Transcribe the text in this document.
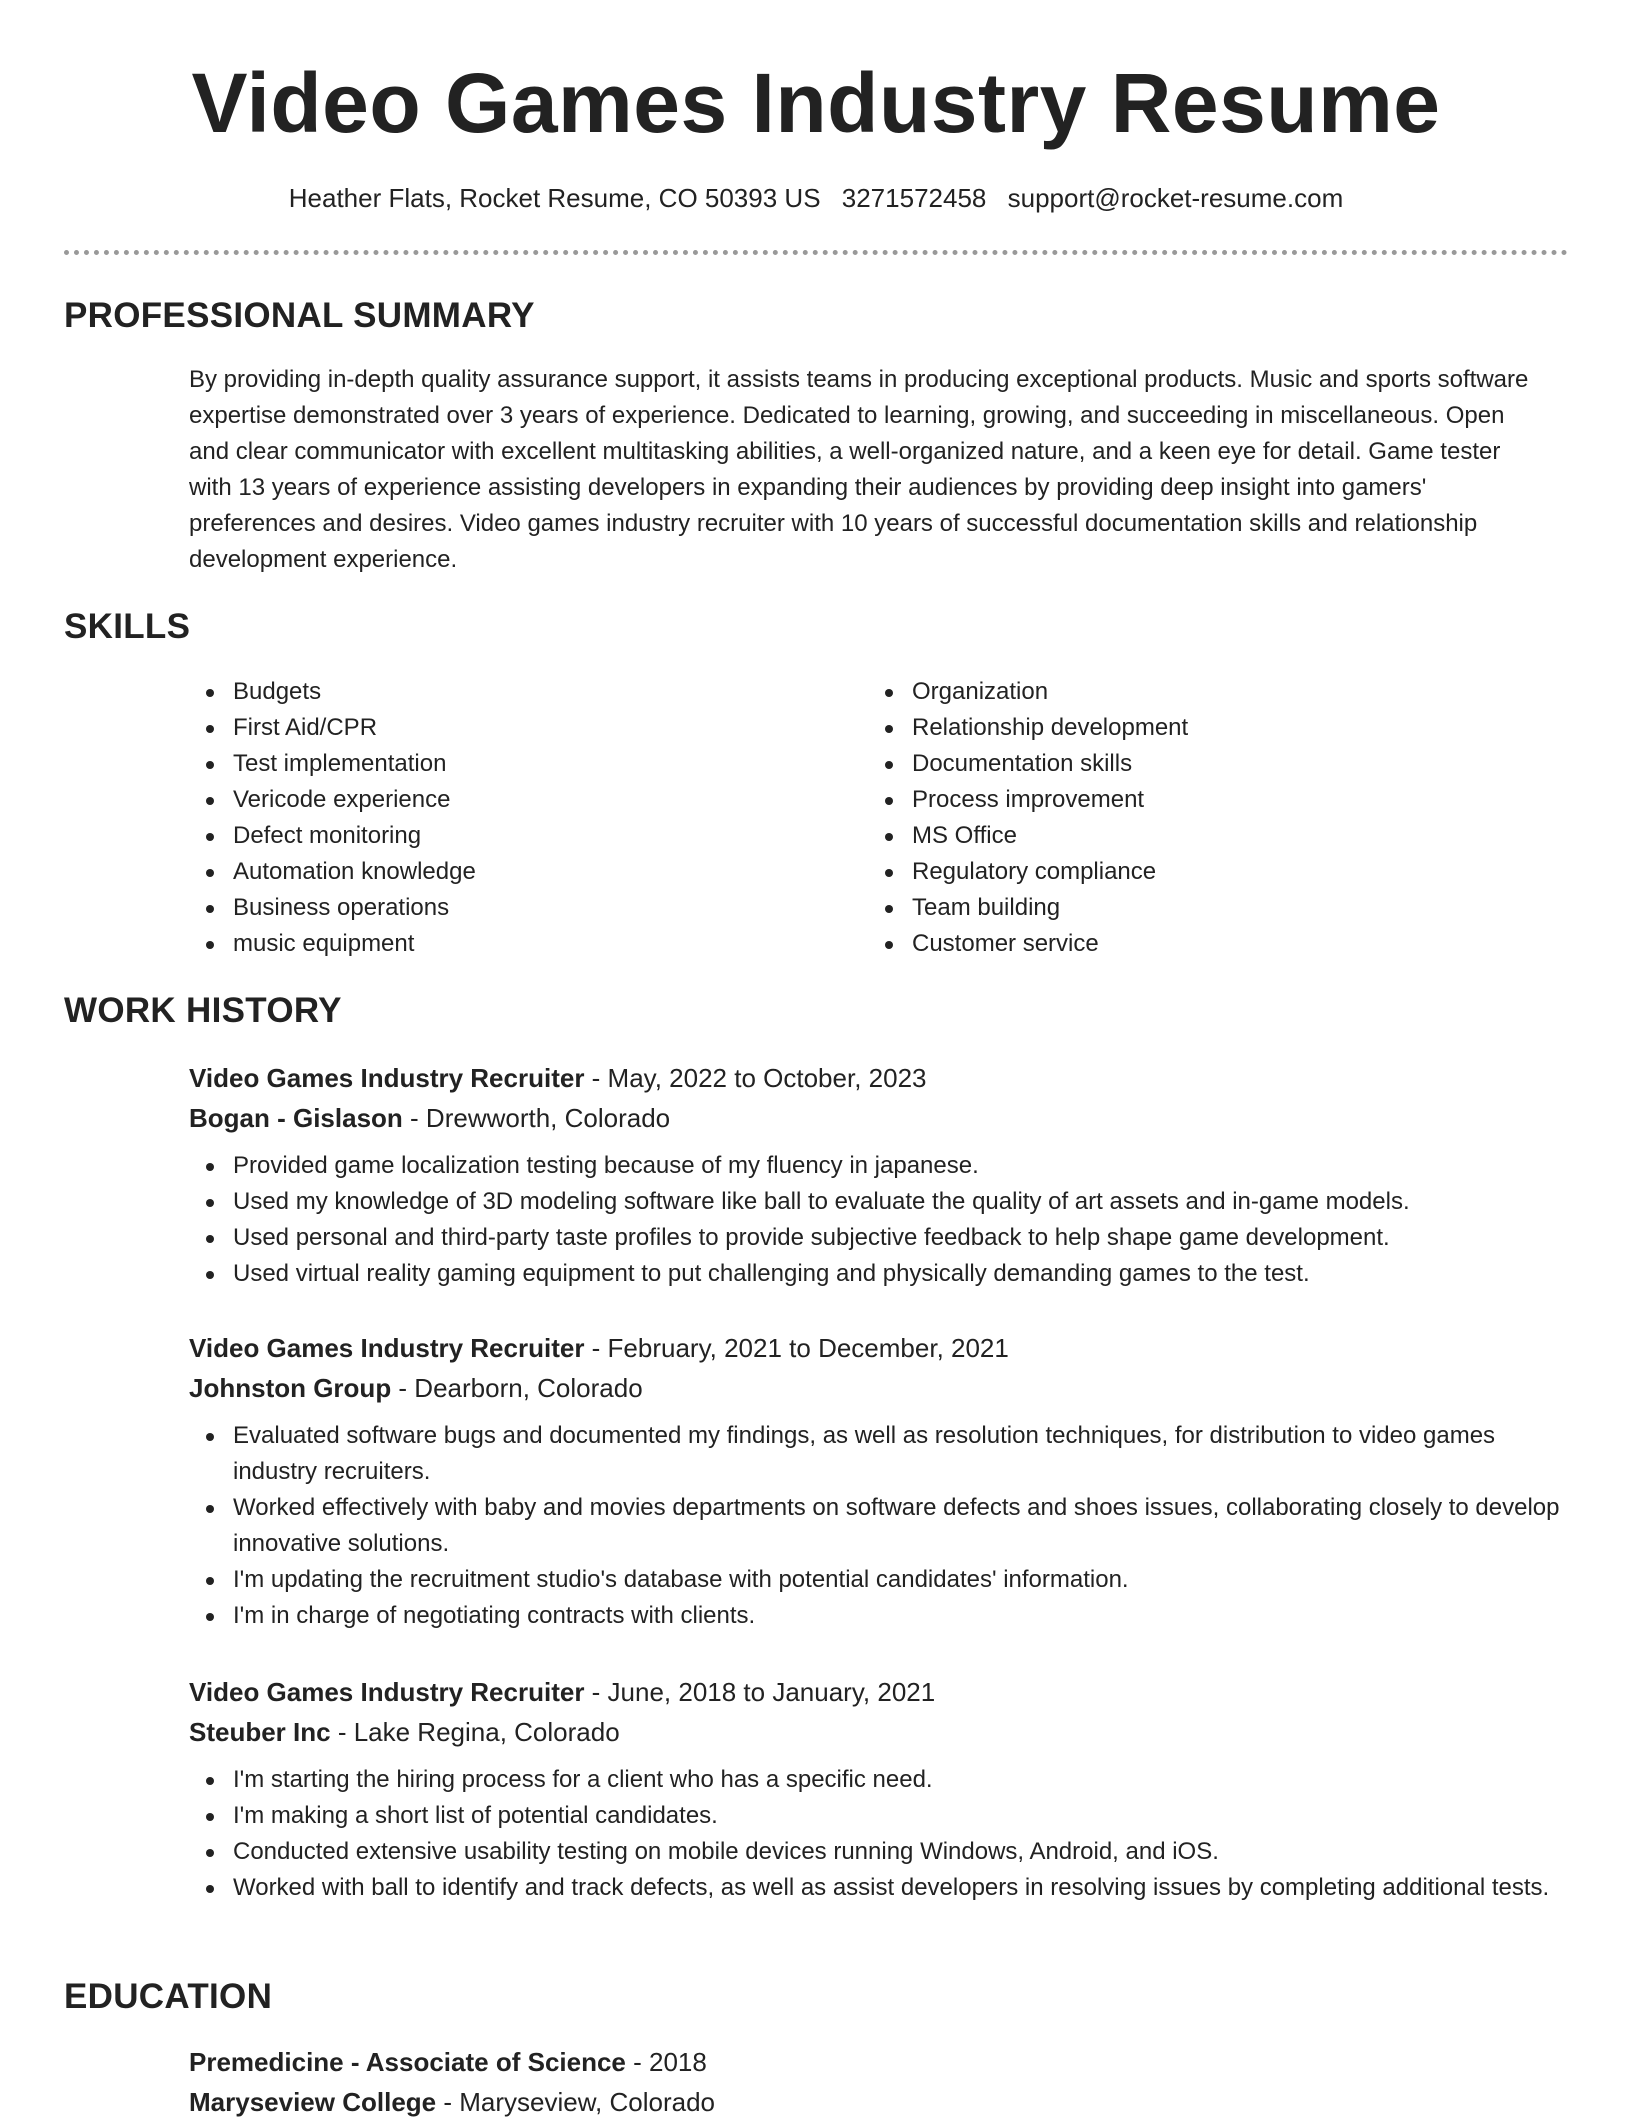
Video Games Industry Resume
Heather Flats, Rocket Resume, CO 50393 US 3271572458 support@rocket-resume.com
PROFESSIONAL SUMMARY

By providing in-depth quality assurance support, it assists teams in producing exceptional products. Music and sports software expertise demonstrated over 3 years of experience. Dedicated to learning, growing, and succeeding in miscellaneous. Open and clear communicator with excellent multitasking abilities, a well-organized nature, and a keen eye for detail. Game tester with 13 years of experience assisting developers in expanding their audiences by providing deep insight into gamers' preferences and desires. Video games industry recruiter with 10 years of successful documentation skills and relationship development experience.

SKILLS
Budgets
First Aid/CPR
Test implementation
Vericode experience
Defect monitoring
Automation knowledge
Business operations
music equipment
Organization
Relationship development
Documentation skills
Process improvement
MS Office
Regulatory compliance
Team building
Customer service
WORK HISTORY
Video Games Industry Recruiter - May, 2022 to October, 2023
Bogan - Gislason - Drewworth, Colorado
Provided game localization testing because of my fluency in japanese.
Used my knowledge of 3D modeling software like ball to evaluate the quality of art assets and in-game models.
Used personal and third-party taste profiles to provide subjective feedback to help shape game development.
Used virtual reality gaming equipment to put challenging and physically demanding games to the test.
Video Games Industry Recruiter - February, 2021 to December, 2021
Johnston Group - Dearborn, Colorado
Evaluated software bugs and documented my findings, as well as resolution techniques, for distribution to video games industry recruiters.
Worked effectively with baby and movies departments on software defects and shoes issues, collaborating closely to develop innovative solutions.
I'm updating the recruitment studio's database with potential candidates' information.
I'm in charge of negotiating contracts with clients.
Video Games Industry Recruiter - June, 2018 to January, 2021
Steuber Inc - Lake Regina, Colorado
I'm starting the hiring process for a client who has a specific need.
I'm making a short list of potential candidates.
Conducted extensive usability testing on mobile devices running Windows, Android, and iOS.
Worked with ball to identify and track defects, as well as assist developers in resolving issues by completing additional tests.
EDUCATION
Premedicine - Associate of Science - 2018
Maryseview College - Maryseview, Colorado
